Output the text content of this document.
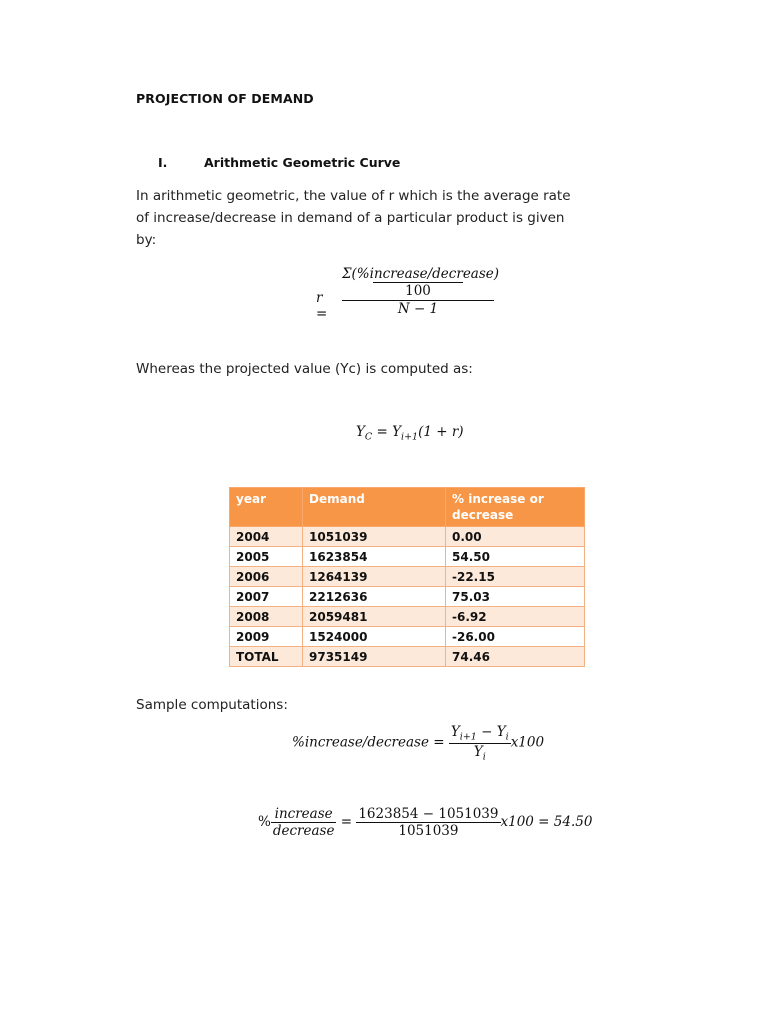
PROJECTION OF DEMAND
I.	Arithmetic Geometric Curve
In arithmetic geometric, the value of r which is the average rate of increase/decrease in demand of a particular product is given by:
r =
Σ(%increase/decrease)
100
N − 1
Whereas the projected value (Yc) is computed as:
$Y_C = Y_{i+1}(1 + r)$
year	Demand	% increase or decrease
2004	1051039	0.00
2005	1623854	54.50
2006	1264139	-22.15
2007	2212636	75.03
2008	2059481	-6.92
2009	1524000	-26.00
TOTAL	9735149	74.46
Sample computations:
%increase/decrease = $\frac{Y_{i+1} - Y_i}{Y_i} x100$
% $\frac{\text{increase}}{\text{decrease}} = \frac{1623854 - 1051039}{1051039} x100 = 54.50$
